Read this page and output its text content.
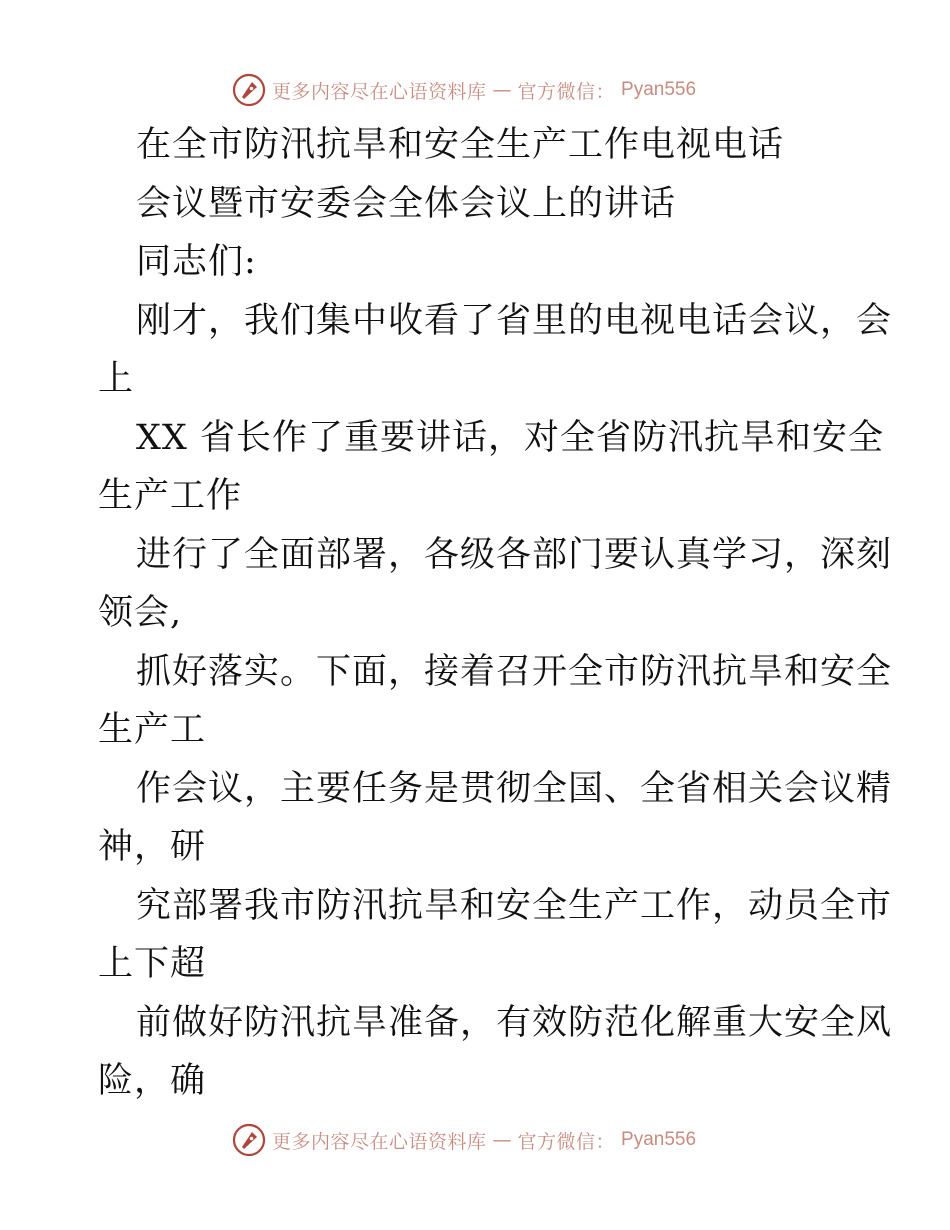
更多内容尽在心语资料库 — 官方微信： Pyan556
在全市防汛抗旱和安全生产工作电视电话
会议暨市安委会全体会议上的讲话
同志们:
刚才，我们集中收看了省里的电视电话会议，会
上
XX 省长作了重要讲话，对全省防汛抗旱和安全
生产工作
进行了全面部署，各级各部门要认真学习，深刻
领会,
抓好落实。下面，接着召开全市防汛抗旱和安全
生产工
作会议，主要任务是贯彻全国、全省相关会议精
神，研
究部署我市防汛抗旱和安全生产工作，动员全市
上下超
前做好防汛抗旱准备，有效防范化解重大安全风
险，确
更多内容尽在心语资料库 — 官方微信： Pyan556
